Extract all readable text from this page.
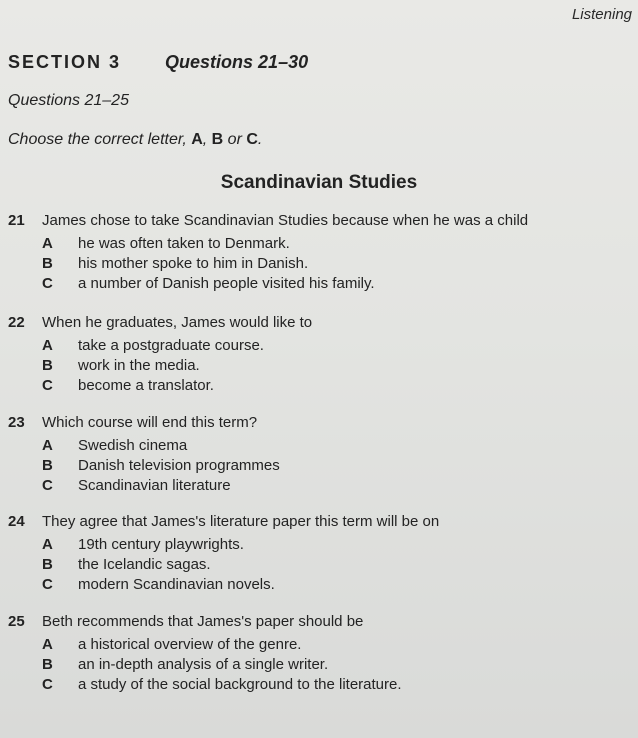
Listening
SECTION 3 Questions 21–30
Questions 21–25
Choose the correct letter, A, B or C.
Scandinavian Studies
21	James chose to take Scandinavian Studies because when he was a child
A	he was often taken to Denmark.
B	his mother spoke to him in Danish.
C	a number of Danish people visited his family.
22	When he graduates, James would like to
A	take a postgraduate course.
B	work in the media.
C	become a translator.
23	Which course will end this term?
A	Swedish cinema
B	Danish television programmes
C	Scandinavian literature
24	They agree that James's literature paper this term will be on
A	19th century playwrights.
B	the Icelandic sagas.
C	modern Scandinavian novels.
25	Beth recommends that James's paper should be
A	a historical overview of the genre.
B	an in-depth analysis of a single writer.
C	a study of the social background to the literature.
